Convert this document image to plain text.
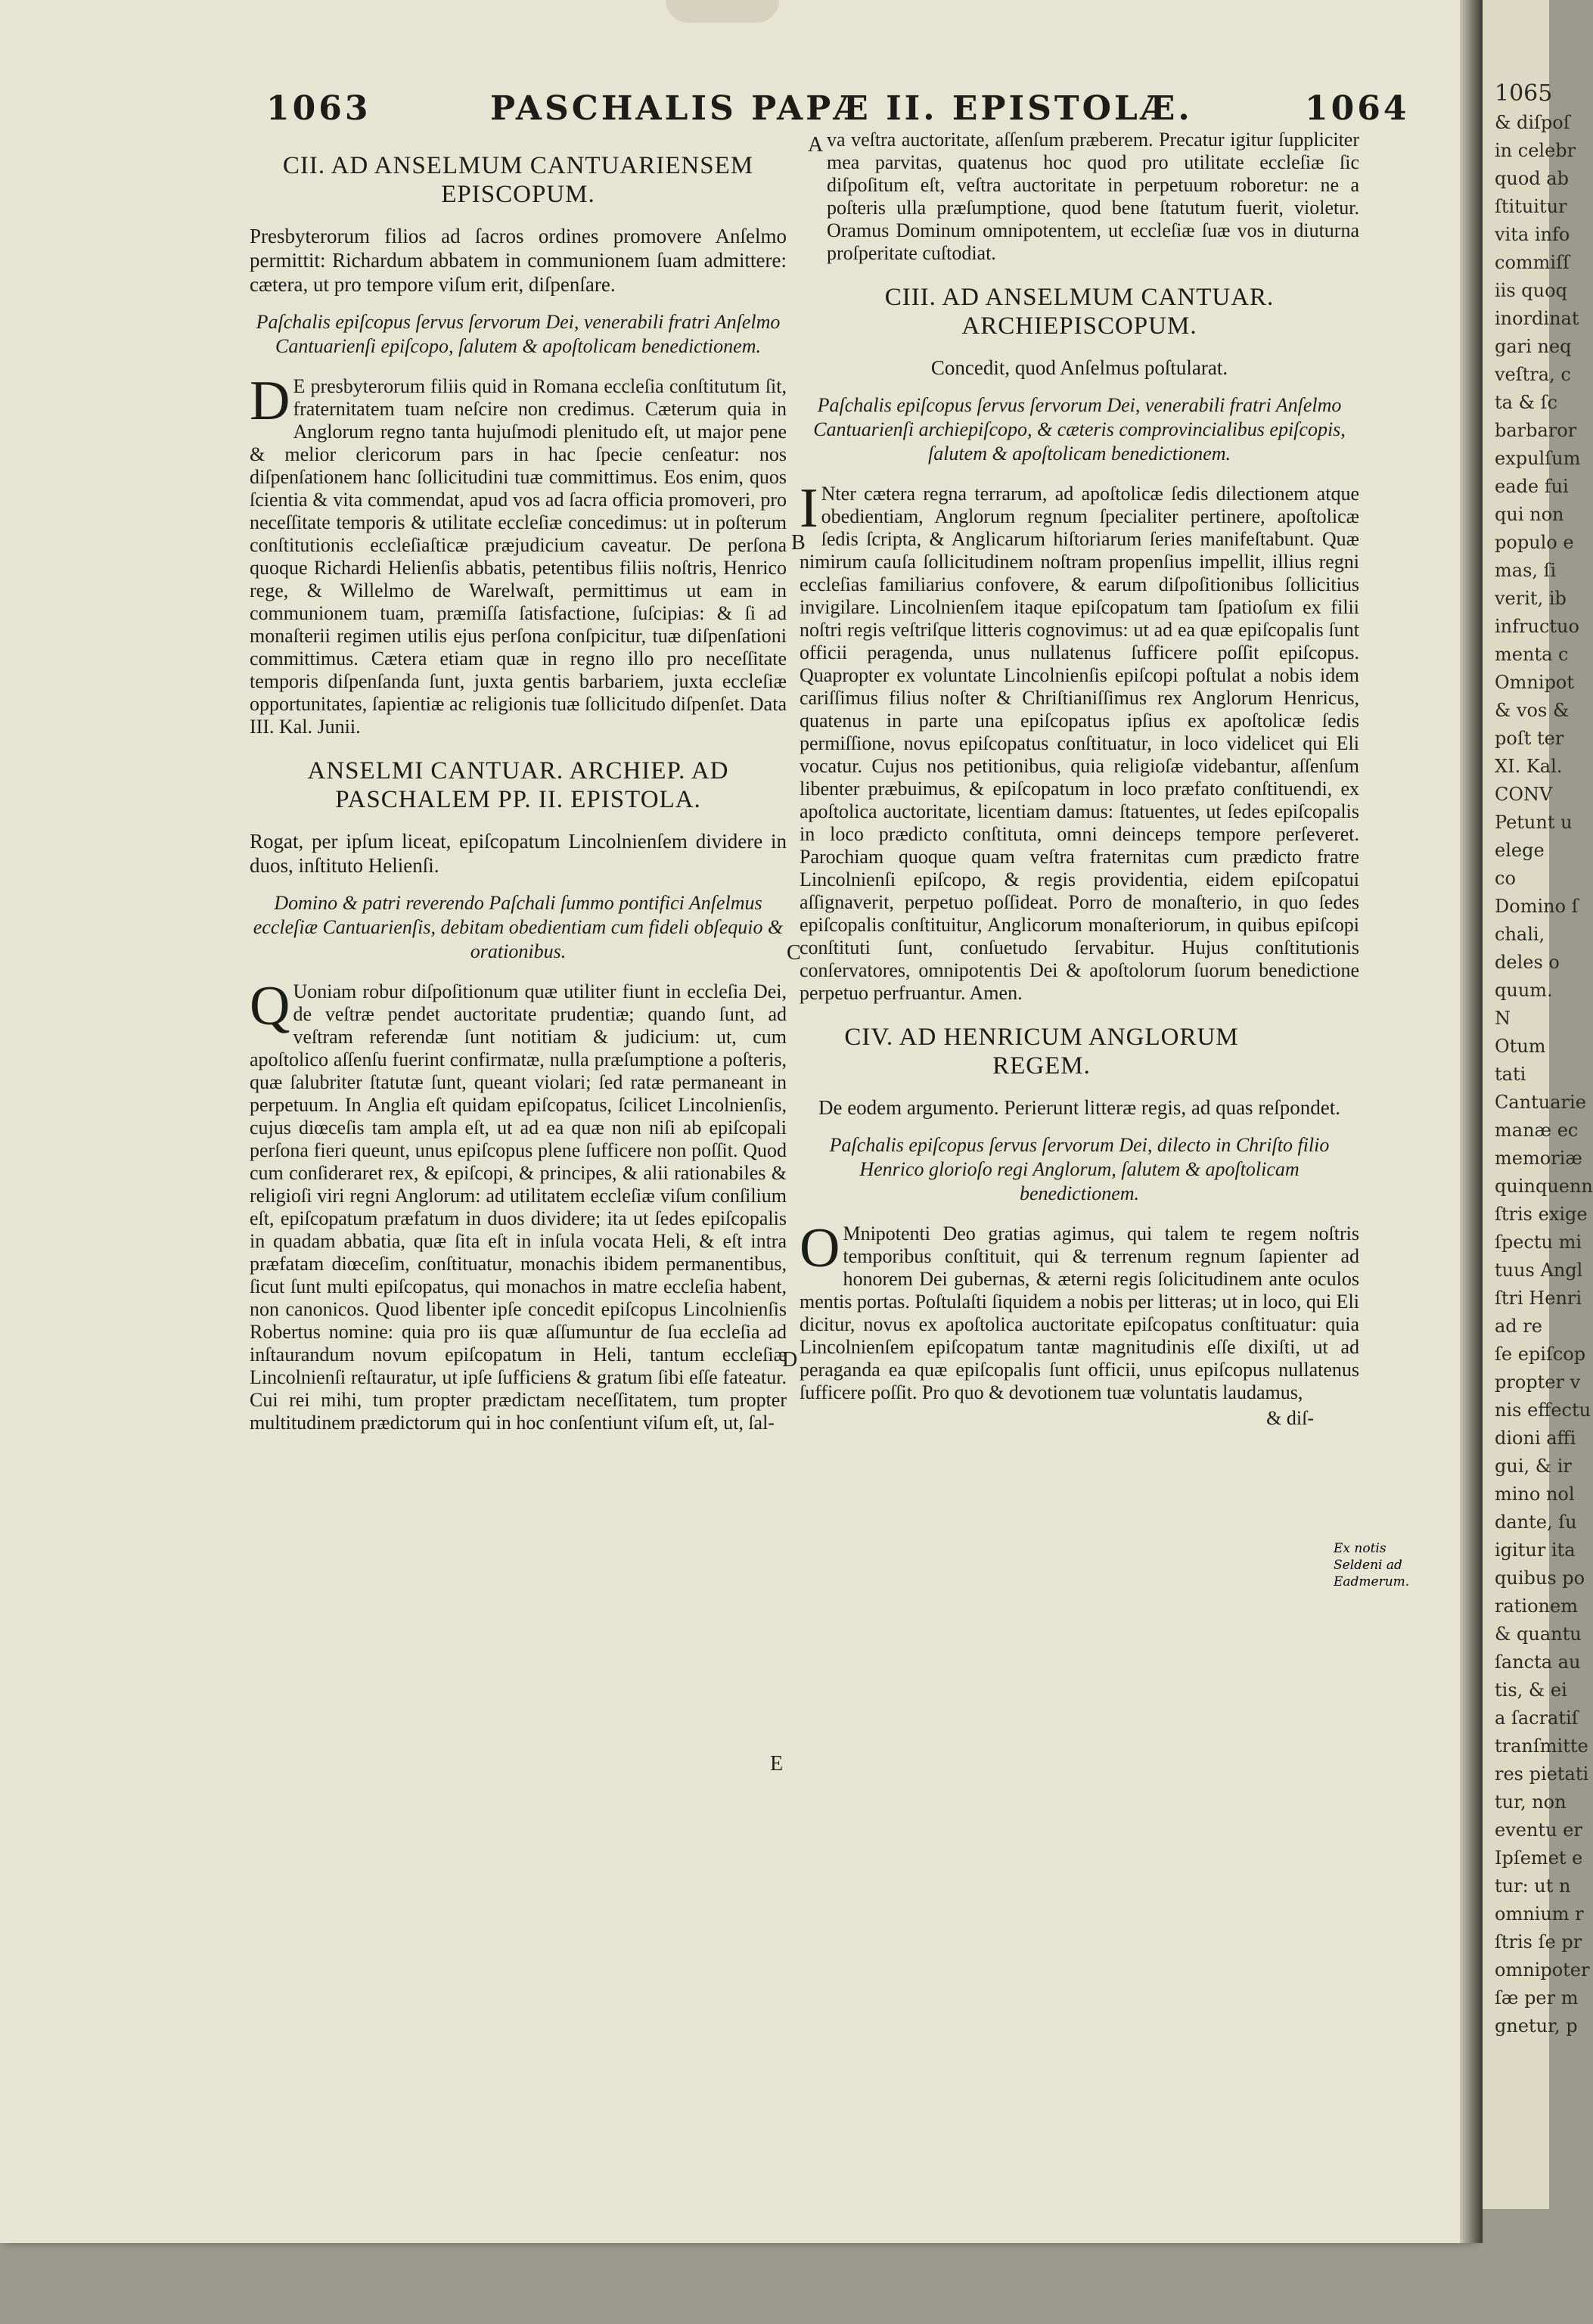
1063	PASCHALIS PAPÆ II. EPISTOLÆ.	1064
CII. AD ANSELMUM CANTUARIENSEM EPISCOPUM.
Presbyterorum filios ad ſacros ordines promovere Anſelmo permittit: Richardum abbatem in communionem ſuam admittere: cætera, ut pro tempore viſum erit, diſpenſare.
Paſchalis epiſcopus ſervus ſervorum Dei, venerabili fratri Anſelmo Cantuarienſi epiſcopo, ſalutem & apoſtolicam benedictionem.
D E presbyterorum filiis quid in Romana eccleſia conſtitutum ſit, fraternitatem tuam neſcire non credimus. Cæterum quia in Anglorum regno tanta hujuſmodi plenitudo eſt, ut major pene & melior clericorum pars in hac ſpecie cenſeatur: nos diſpenſationem hanc ſollicitudini tuæ committimus. Eos enim, quos ſcientia & vita commendat, apud vos ad ſacra officia promoveri, pro neceſſitate temporis & utilitate eccleſiæ concedimus: ut in poſterum conſtitutionis eccleſiaſticæ præjudicium caveatur. De perſona quoque Richardi Helienſis abbatis, petentibus filiis noſtris, Henrico rege, & Willelmo de Warelwaſt, permittimus ut eam in communionem tuam, præmiſſa ſatisfactione, ſuſcipias: & ſi ad monaſterii regimen utilis ejus perſona conſpicitur, tuæ diſpenſationi committimus. Cætera etiam quæ in regno illo pro neceſſitate temporis diſpenſanda ſunt, juxta gentis barbariem, juxta eccleſiæ opportunitates, ſapientiæ ac religionis tuæ ſollicitudo diſpenſet. Data III. Kal. Junii.
ANSELMI CANTUAR. ARCHIEP. AD PASCHALEM PP. II. EPISTOLA.
Rogat, per ipſum liceat, epiſcopatum Lincolnienſem dividere in duos, inſtituto Helienſi.
Domino & patri reverendo Paſchali ſummo pontifici Anſelmus eccleſiæ Cantuarienſis, debitam obedientiam cum fideli obſequio & orationibus.
Q Uoniam robur diſpoſitionum quæ utiliter fiunt in eccleſia Dei, de veſtræ pendet auctoritate prudentiæ; quando ſunt, ad veſtram referendæ ſunt notitiam & judicium: ut, cum apoſtolico aſſenſu fuerint confirmatæ, nulla præſumptione a poſteris, quæ ſalubriter ſtatutæ ſunt, queant violari; ſed ratæ permaneant in perpetuum. In Anglia eſt quidam epiſcopatus, ſcilicet Lincolnienſis, cujus diœceſis tam ampla eſt, ut ad ea quæ non niſi ab epiſcopali perſona fieri queunt, unus epiſcopus plene ſufficere non poſſit. Quod cum conſideraret rex, & epiſcopi, & principes, & alii rationabiles & religioſi viri regni Anglorum: ad utilitatem eccleſiæ viſum conſilium eſt, epiſcopatum præfatum in duos dividere; ita ut ſedes epiſcopalis in quadam abbatia, quæ ſita eſt in inſula vocata Heli, & eſt intra præfatam diœceſim, conſtituatur, monachis ibidem permanentibus, ſicut ſunt multi epiſcopatus, qui monachos in matre eccleſia habent, non canonicos. Quod libenter ipſe concedit epiſcopus Lincolnienſis Robertus nomine: quia pro iis quæ aſſumuntur de ſua eccleſia ad inſtaurandum novum epiſcopatum in Heli, tantum eccleſiæ Lincolnienſi reſtauratur, ut ipſe ſufficiens & gratum ſibi eſſe fateatur. Cui rei mihi, tum propter prædictam neceſſitatem, tum propter multitudinem prædictorum qui in hoc conſentiunt viſum eſt, ut, ſal-
A
B
C
D
E
va veſtra auctoritate, aſſenſum præberem. Precatur igitur ſuppliciter mea parvitas, quatenus hoc quod pro utilitate eccleſiæ ſic diſpoſitum eſt, veſtra auctoritate in perpetuum roboretur: ne a poſteris ulla præſumptione, quod bene ſtatutum fuerit, violetur. Oramus Dominum omnipotentem, ut eccleſiæ ſuæ vos in diuturna proſperitate cuſtodiat.
CIII. AD ANSELMUM CANTUAR. ARCHIEPISCOPUM.
Concedit, quod Anſelmus poſtularat.
Paſchalis epiſcopus ſervus ſervorum Dei, venerabili fratri Anſelmo Cantuarienſi archiepiſcopo, & cæteris comprovincialibus epiſcopis, ſalutem & apoſtolicam benedictionem.
I Nter cætera regna terrarum, ad apoſtolicæ ſedis dilectionem atque obedientiam, Anglorum regnum ſpecialiter pertinere, apoſtolicæ ſedis ſcripta, & Anglicarum hiſtoriarum ſeries manifeſtabunt. Quæ nimirum cauſa ſollicitudinem noſtram propenſius impellit, illius regni eccleſias familiarius confovere, & earum diſpoſitionibus ſollicitius invigilare. Lincolnienſem itaque epiſcopatum tam ſpatioſum ex filii noſtri regis veſtriſque litteris cognovimus: ut ad ea quæ epiſcopalis ſunt officii peragenda, unus nullatenus ſufficere poſſit epiſcopus. Quapropter ex voluntate Lincolnienſis epiſcopi poſtulat a nobis idem cariſſimus filius noſter & Chriſtianiſſimus rex Anglorum Henricus, quatenus in parte una epiſcopatus ipſius ex apoſtolicæ ſedis permiſſione, novus epiſcopatus conſtituatur, in loco videlicet qui Eli vocatur. Cujus nos petitionibus, quia religioſæ videbantur, aſſenſum libenter præbuimus, & epiſcopatum in loco præfato conſtituendi, ex apoſtolica auctoritate, licentiam damus: ſtatuentes, ut ſedes epiſcopalis in loco prædicto conſtituta, omni deinceps tempore perſeveret. Parochiam quoque quam veſtra fraternitas cum prædicto fratre Lincolnienſi epiſcopo, & regis providentia, eidem epiſcopatui aſſignaverit, perpetuo poſſideat. Porro de monaſterio, in quo ſedes epiſcopalis conſtituitur, Anglicorum monaſteriorum, in quibus epiſcopi conſtituti ſunt, conſuetudo ſervabitur. Hujus conſtitutionis conſervatores, omnipotentis Dei & apoſtolorum ſuorum benedictione perpetuo perfruantur. Amen.
CIV. AD HENRICUM ANGLORUM REGEM.
De eodem argumento. Perierunt litteræ regis, ad quas reſpondet.
Paſchalis epiſcopus ſervus ſervorum Dei, dilecto in Chriſto filio Henrico glorioſo regi Anglorum, ſalutem & apoſtolicam benedictionem.
O Mnipotenti Deo gratias agimus, qui talem te regem noſtris temporibus conſtituit, qui & terrenum regnum ſapienter ad honorem Dei gubernas, & æterni regis ſolicitudinem ante oculos mentis portas. Poſtulaſti ſiquidem a nobis per litteras; ut in loco, qui Eli dicitur, novus ex apoſtolica auctoritate epiſcopatus conſtituatur: quia Lincolnienſem epiſcopatum tantæ magnitudinis eſſe dixiſti, ut ad peraganda ea quæ epiſcopalis ſunt officii, unus epiſcopus nullatenus ſufficere poſſit. Pro quo & devotionem tuæ voluntatis laudamus,
& diſ-
Ex notis Seldeni ad Eadmerum.
1065
& diſpoſ
in celebr
quod ab
ſtituitur
vita info
commiſſ
iis quoq
inordinat
gari neq
veſtra, c
ta & ſc
barbaror
expulſum
eade fui
qui non
populo e
mas, ſi
verit, ib
infructuo
menta c
Omnipot
& vos &
poſt ter
XI. Kal.
CONV
Petunt u
elege
co
Domino ſ
chali,
deles o
quum.
N
Otum
tati
Cantuarie
manæ ec
memoriæ
quinquenn
ſtris exige
ſpectu mi
tuus Angl
ſtri Henri
ad re
ſe epiſcop
propter v
nis effectu
dioni affi
gui, & ir
mino nol
dante, ſu
igitur ita
quibus po
rationem
& quantu
ſancta au
tis, & ei
a ſacratiſ
tranſmitte
res pietati
tur, non
eventu er
Ipſemet e
tur: ut n
omnium r
ſtris ſe pr
omnipoter
ſæ per m
gnetur, p
